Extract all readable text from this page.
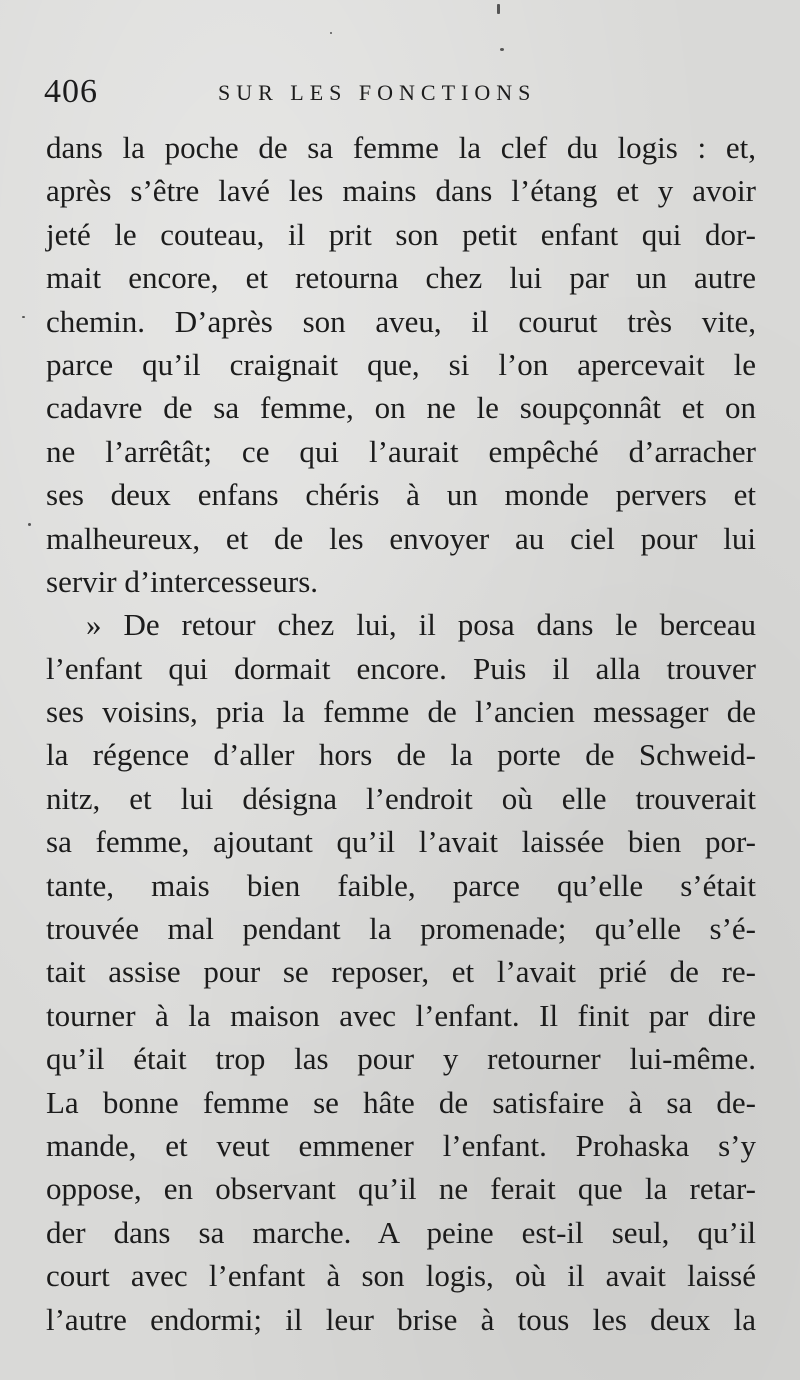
406	SUR LES FONCTIONS
dans la poche de sa femme la clef du logis : et,
après s’être lavé les mains dans l’étang et y avoir
jeté le couteau, il prit son petit enfant qui dor-
mait encore, et retourna chez lui par un autre
chemin. D’après son aveu, il courut très vite,
parce qu’il craignait que, si l’on apercevait le
cadavre de sa femme, on ne le soupçonnât et on
ne l’arrêtât; ce qui l’aurait empêché d’arracher
ses deux enfans chéris à un monde pervers et
malheureux, et de les envoyer au ciel pour lui
servir d’intercesseurs.
» De retour chez lui, il posa dans le berceau
l’enfant qui dormait encore. Puis il alla trouver
ses voisins, pria la femme de l’ancien messager de
la régence d’aller hors de la porte de Schweid-
nitz, et lui désigna l’endroit où elle trouverait
sa femme, ajoutant qu’il l’avait laissée bien por-
tante, mais bien faible, parce qu’elle s’était
trouvée mal pendant la promenade; qu’elle s’é-
tait assise pour se reposer, et l’avait prié de re-
tourner à la maison avec l’enfant. Il finit par dire
qu’il était trop las pour y retourner lui-même.
La bonne femme se hâte de satisfaire à sa de-
mande, et veut emmener l’enfant. Prohaska s’y
oppose, en observant qu’il ne ferait que la retar-
der dans sa marche. A peine est-il seul, qu’il
court avec l’enfant à son logis, où il avait laissé
l’autre endormi; il leur brise à tous les deux la
